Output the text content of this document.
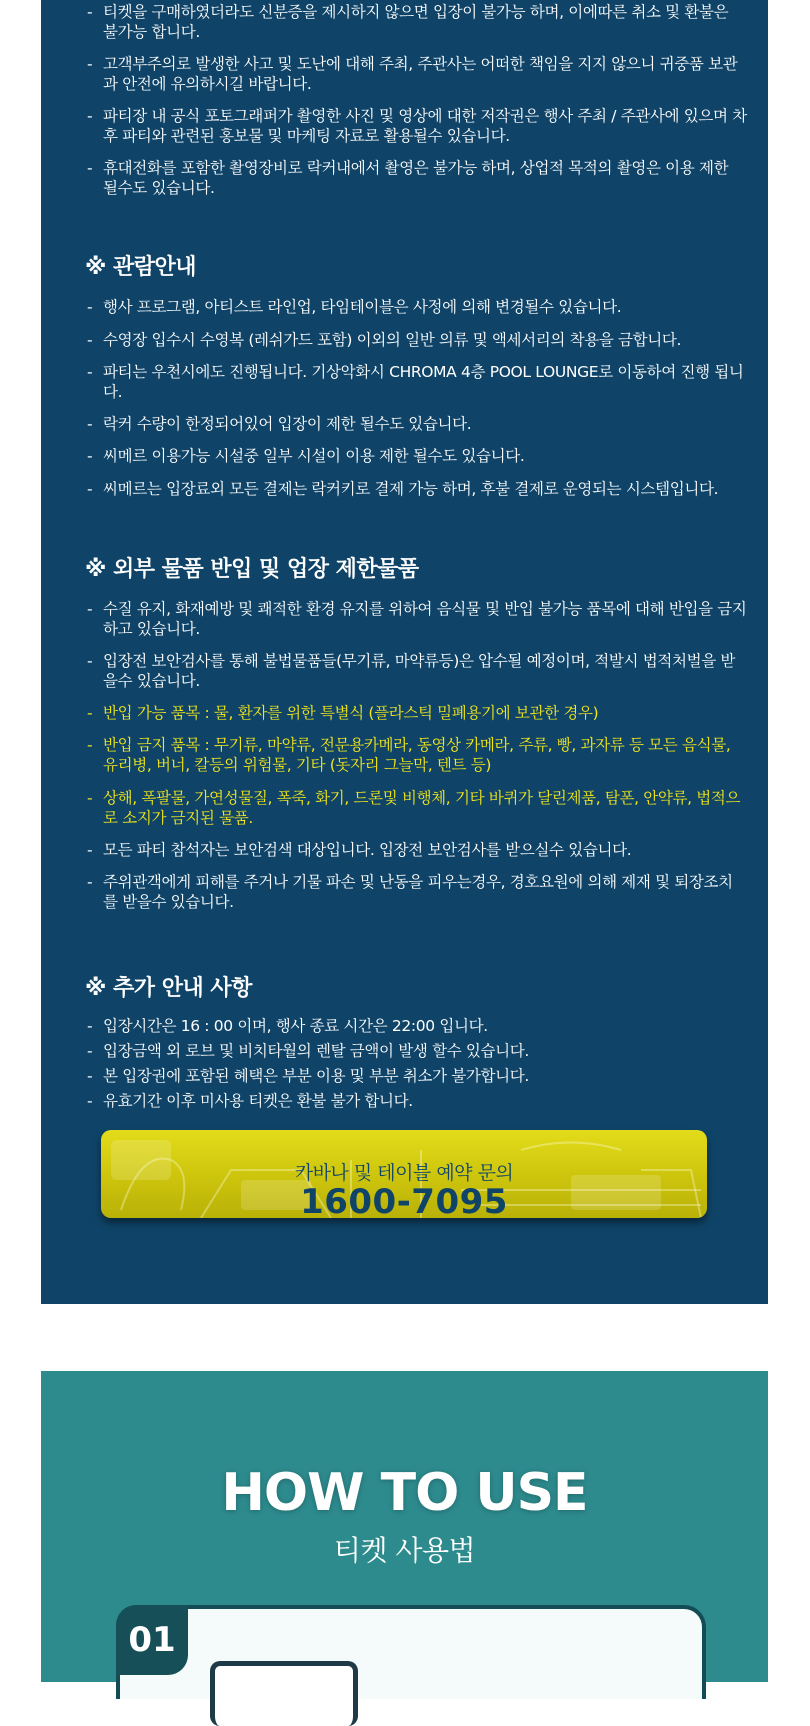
- 티켓을 구매하였더라도 신분증을 제시하지 않으면 입장이 불가능 하며, 이에따른 취소 및 환불은 불가능 합니다.
- 고객부주의로 발생한 사고 및 도난에 대해 주최, 주관사는 어떠한 책임을 지지 않으니 귀중품 보관과 안전에 유의하시길 바랍니다.
- 파티장 내 공식 포토그래퍼가 촬영한 사진 및 영상에 대한 저작권은 행사 주최 / 주관사에 있으며 차후 파티와 관련된 홍보물 및 마케팅 자료로 활용될수 있습니다.
- 휴대전화를 포함한 촬영장비로 락커내에서 촬영은 불가능 하며, 상업적 목적의 촬영은 이용 제한 될수도 있습니다.
※ 관람안내
- 행사 프로그램, 아티스트 라인업, 타임테이블은 사정에 의해 변경될수 있습니다.
- 수영장 입수시 수영복 (레쉬가드 포함) 이외의 일반 의류 및 액세서리의 착용을 금합니다.
- 파티는 우천시에도 진행됩니다. 기상악화시 CHROMA 4층 POOL LOUNGE로 이동하여 진행 됩니다.
- 락커 수량이 한정되어있어 입장이 제한 될수도 있습니다.
- 씨메르 이용가능 시설중 일부 시설이 이용 제한 될수도 있습니다.
- 씨메르는 입장료외 모든 결제는 락커키로 결제 가능 하며, 후불 결제로 운영되는 시스템입니다.
※ 외부 물품 반입 및 업장 제한물품
- 수질 유지, 화재예방 및 쾌적한 환경 유지를 위하여 음식물 및 반입 불가능 품목에 대해 반입을 금지하고 있습니다.
- 입장전 보안검사를 통해 불법물품들(무기류, 마약류등)은 압수될 예정이며, 적발시 법적처벌을 받을수 있습니다.
- 반입 가능 품목 : 물, 환자를 위한 특별식 (플라스틱 밀폐용기에 보관한 경우)
- 반입 금지 품목 : 무기류, 마약류, 전문용카메라, 동영상 카메라, 주류, 빵, 과자류 등 모든 음식물, 유리병, 버너, 칼등의 위험물, 기타 (돗자리 그늘막, 텐트 등)
- 상해, 폭팔물, 가연성물질, 폭죽, 화기, 드론및 비행체, 기타 바퀴가 달린제품, 탐폰, 안약류, 법적으로 소지가 금지된 물품.
- 모든 파티 참석자는 보안검색 대상입니다. 입장전 보안검사를 받으실수 있습니다.
- 주위관객에게 피해를 주거나 기물 파손 및 난동을 피우는경우, 경호요원에 의해 제재 및 퇴장조치를 받을수 있습니다.
※ 추가 안내 사항
- 입장시간은 16 : 00 이며, 행사 종료 시간은 22:00 입니다.
- 입장금액 외 로브 및 비치타월의 렌탈 금액이 발생 할수 있습니다.
- 본 입장권에 포함된 혜택은 부분 이용 및 부분 취소가 불가합니다.
- 유효기간 이후 미사용 티켓은 환불 불가 합니다.
카바나 및 테이블 예약 문의
1600-7095
HOW TO USE
티켓 사용법
01
